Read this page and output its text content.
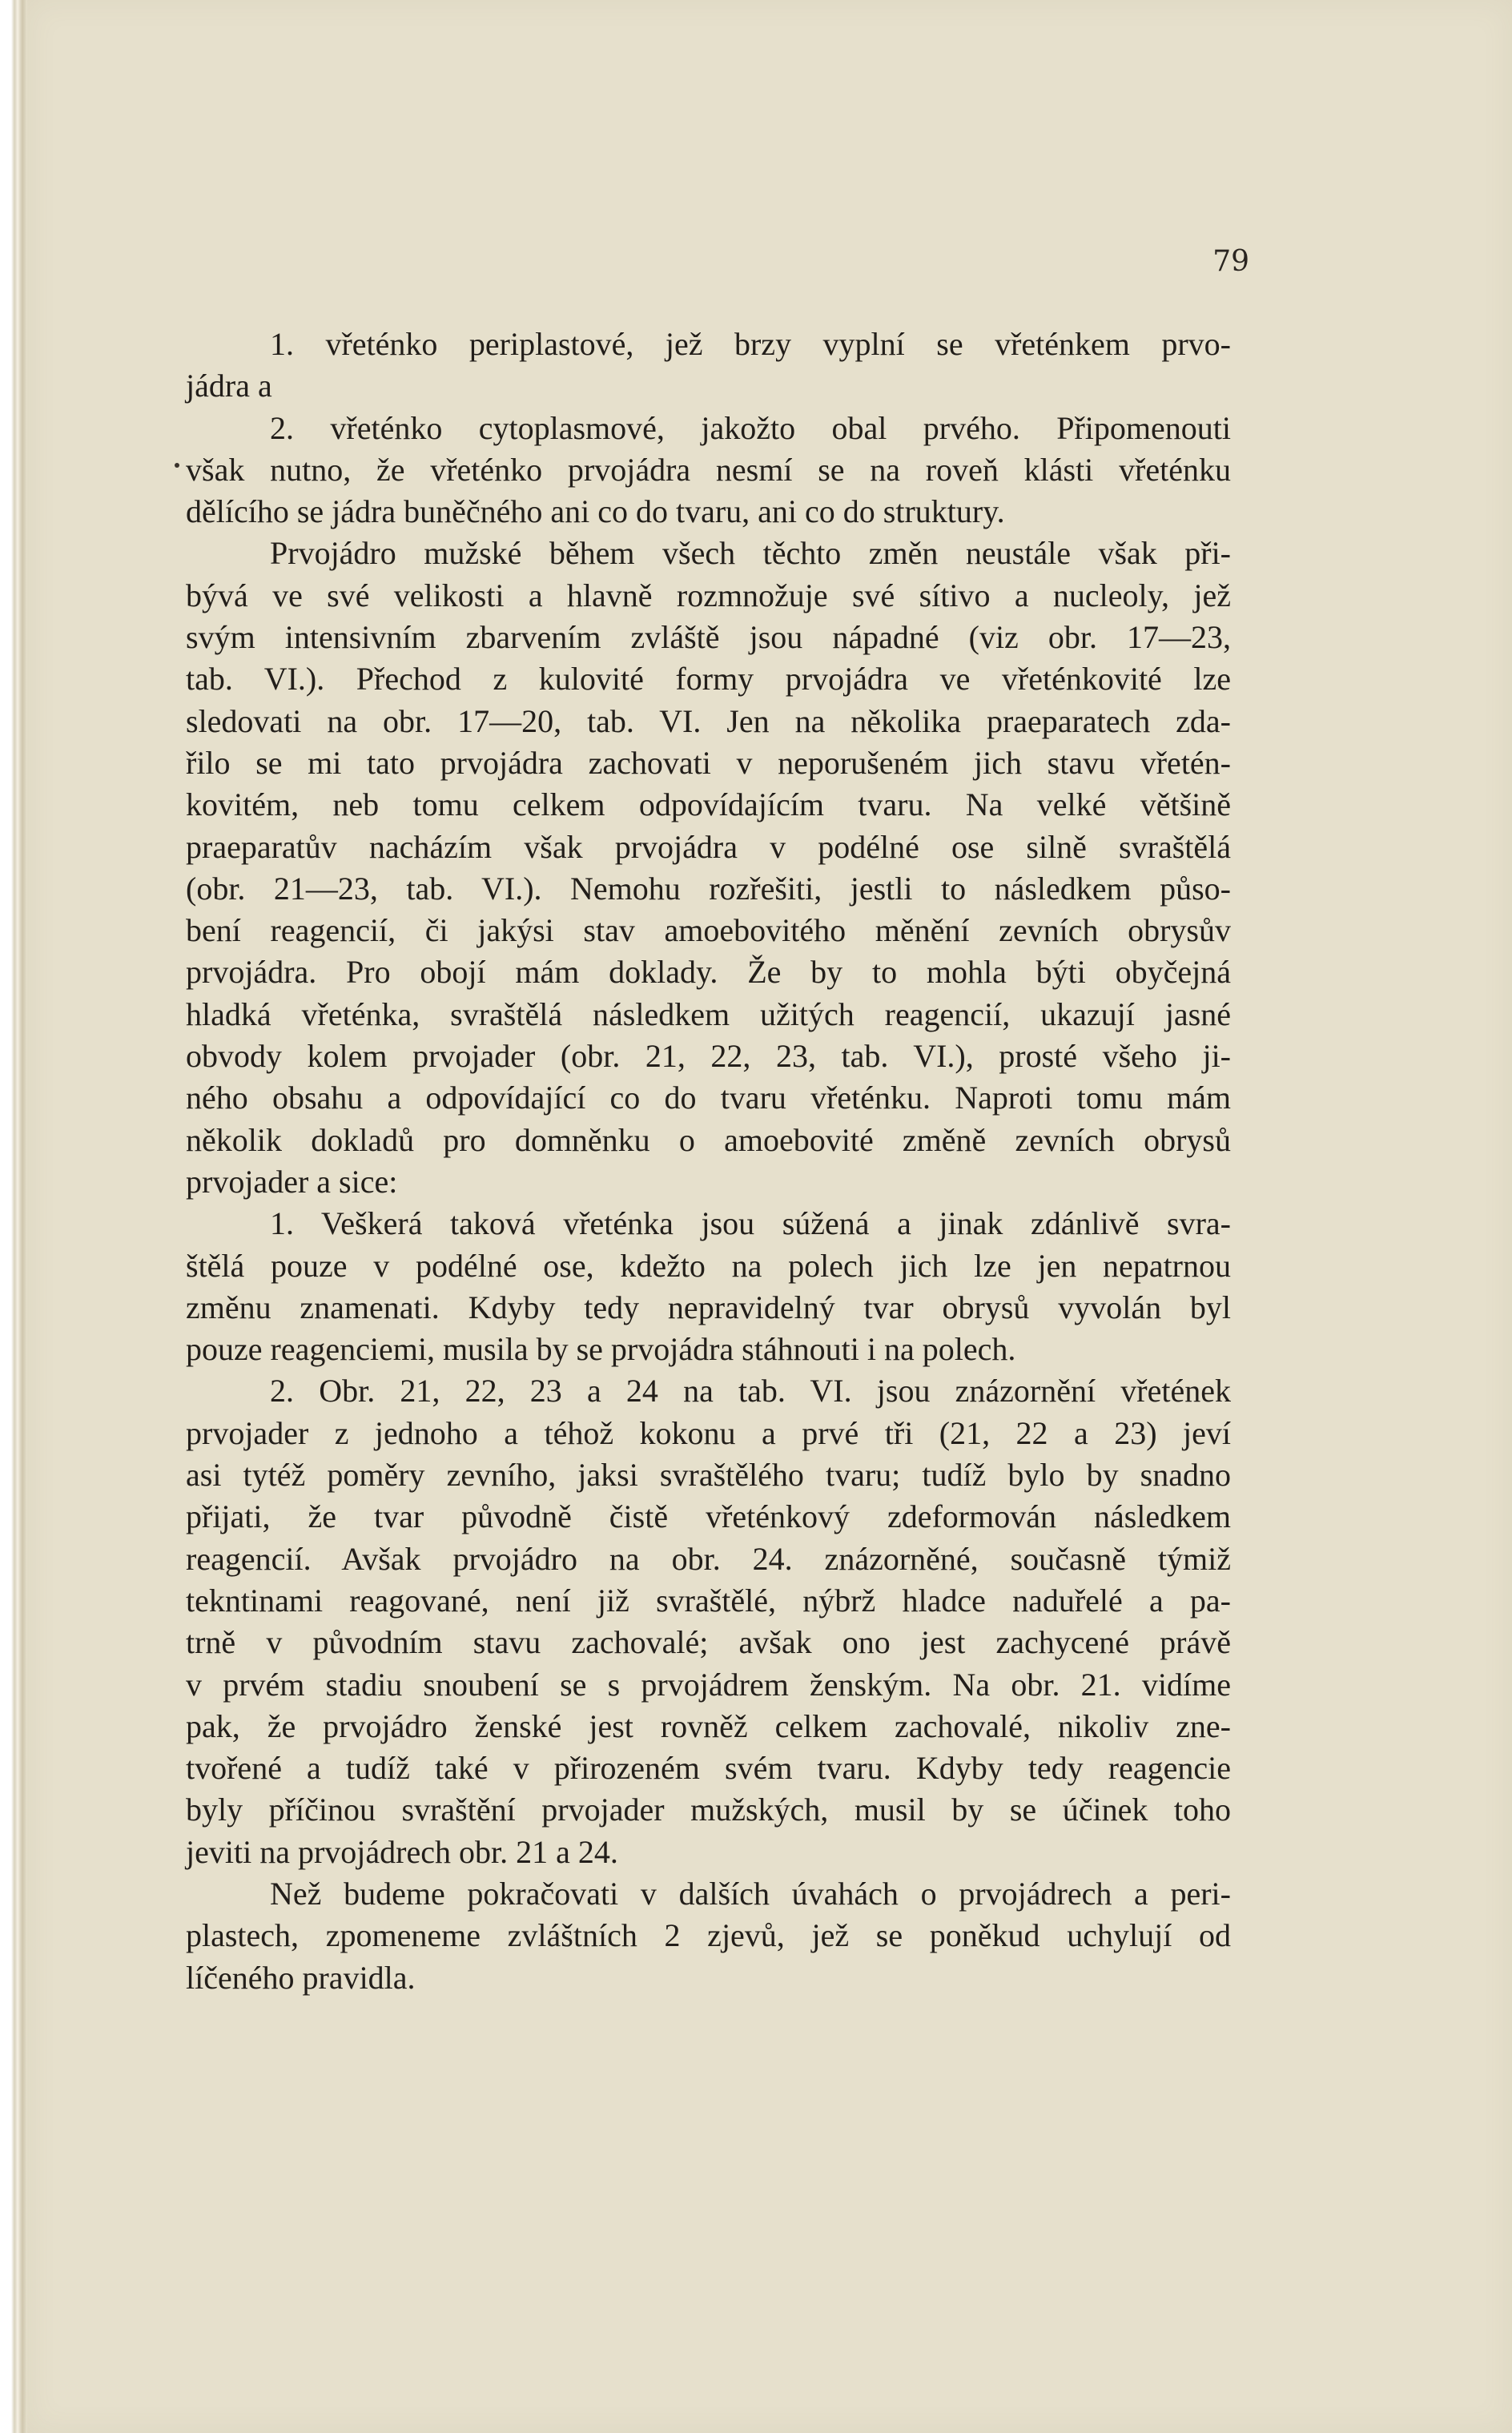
79
1. vřeténko periplastové, jež brzy vyplní se vřeténkem prvo-
jádra a
2. vřeténko cytoplasmové, jakožto obal prvého. Připomenouti
však nutno, že vřeténko prvojádra nesmí se na roveň klásti vřeténku
dělícího se jádra buněčného ani co do tvaru, ani co do struktury.
Prvojádro mužské během všech těchto změn neustále však při-
bývá ve své velikosti a hlavně rozmnožuje své sítivo a nucleoly, jež
svým intensivním zbarvením zvláště jsou nápadné (viz obr. 17—23,
tab. VI.). Přechod z kulovité formy prvojádra ve vřeténkovité lze
sledovati na obr. 17—20, tab. VI. Jen na několika praeparatech zda-
řilo se mi tato prvojádra zachovati v neporušeném jich stavu vřetén-
kovitém, neb tomu celkem odpovídajícím tvaru. Na velké většině
praeparatův nacházím však prvojádra v podélné ose silně svraštělá
(obr. 21—23, tab. VI.). Nemohu rozřešiti, jestli to následkem půso-
bení reagencií, či jakýsi stav amoebovitého měnění zevních obrysův
prvojádra. Pro obojí mám doklady. Že by to mohla býti obyčejná
hladká vřeténka, svraštělá následkem užitých reagencií, ukazují jasné
obvody kolem prvojader (obr. 21, 22, 23, tab. VI.), prosté všeho ji-
ného obsahu a odpovídající co do tvaru vřeténku. Naproti tomu mám
několik dokladů pro domněnku o amoebovité změně zevních obrysů
prvojader a sice:
1. Veškerá taková vřeténka jsou súžená a jinak zdánlivě svra-
štělá pouze v podélné ose, kdežto na polech jich lze jen nepatrnou
změnu znamenati. Kdyby tedy nepravidelný tvar obrysů vyvolán byl
pouze reagenciemi, musila by se prvojádra stáhnouti i na polech.
2. Obr. 21, 22, 23 a 24 na tab. VI. jsou znázornění vřetének
prvojader z jednoho a téhož kokonu a prvé tři (21, 22 a 23) jeví
asi tytéž poměry zevního, jaksi svraštělého tvaru; tudíž bylo by snadno
přijati, že tvar původně čistě vřeténkový zdeformován následkem
reagencií. Avšak prvojádro na obr. 24. znázorněné, současně týmiž
tekntinami reagované, není již svraštělé, nýbrž hladce naduřelé a pa-
trně v původním stavu zachovalé; avšak ono jest zachycené právě
v prvém stadiu snoubení se s prvojádrem ženským. Na obr. 21. vidíme
pak, že prvojádro ženské jest rovněž celkem zachovalé, nikoliv zne-
tvořené a tudíž také v přirozeném svém tvaru. Kdyby tedy reagencie
byly příčinou svraštění prvojader mužských, musil by se účinek toho
jeviti na prvojádrech obr. 21 a 24.
Než budeme pokračovati v dalších úvahách o prvojádrech a peri-
plastech, zpomeneme zvláštních 2 zjevů, jež se poněkud uchylují od
líčeného pravidla.
